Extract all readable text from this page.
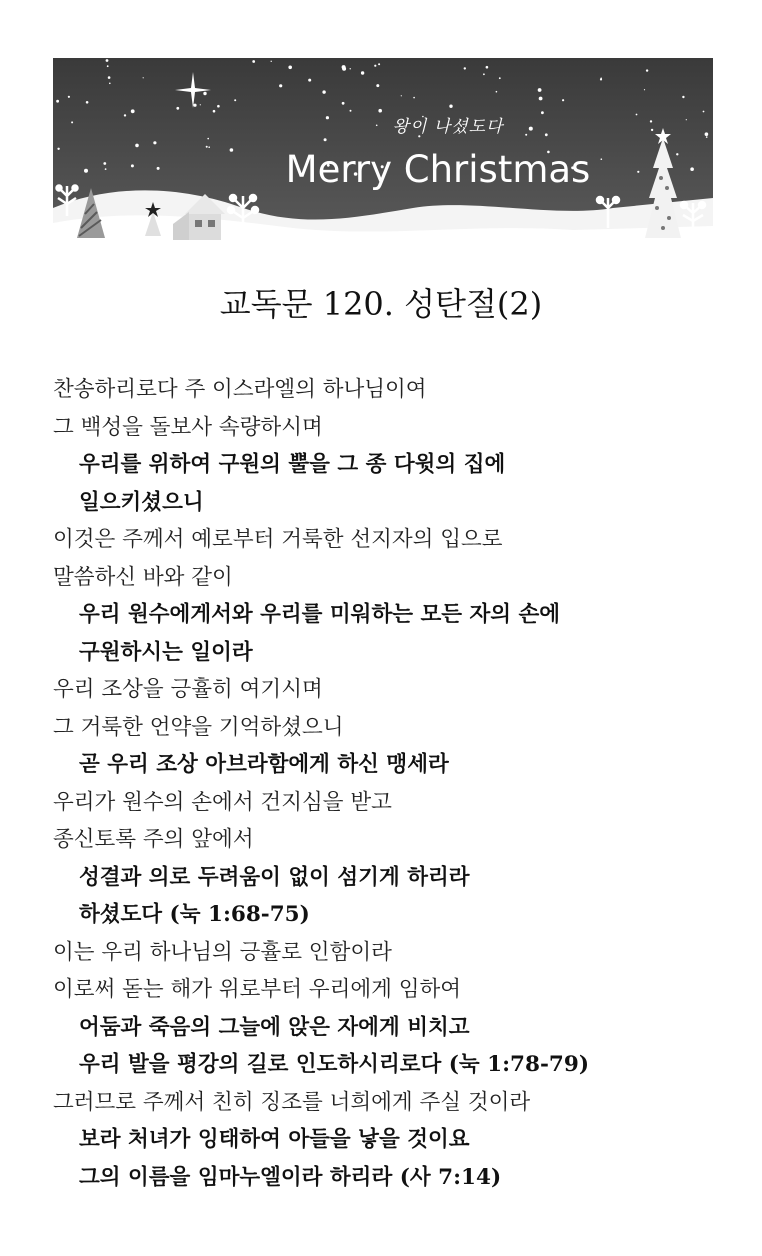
왕이 나셨도다
Merry Christmas
교독문 120. 성탄절(2)
찬송하리로다 주 이스라엘의 하나님이여
그 백성을 돌보사 속량하시며
우리를 위하여 구원의 뿔을 그 종 다윗의 집에
일으키셨으니
이것은 주께서 예로부터 거룩한 선지자의 입으로
말씀하신 바와 같이
우리 원수에게서와 우리를 미워하는 모든 자의 손에
구원하시는 일이라
우리 조상을 긍휼히 여기시며
그 거룩한 언약을 기억하셨으니
곧 우리 조상 아브라함에게 하신 맹세라
우리가 원수의 손에서 건지심을 받고
종신토록 주의 앞에서
성결과 의로 두려움이 없이 섬기게 하리라
하셨도다 (눅 1:68-75)
이는 우리 하나님의 긍휼로 인함이라
이로써 돋는 해가 위로부터 우리에게 임하여
어둠과 죽음의 그늘에 앉은 자에게 비치고
우리 발을 평강의 길로 인도하시리로다 (눅 1:78-79)
그러므로 주께서 친히 징조를 너희에게 주실 것이라
보라 처녀가 잉태하여 아들을 낳을 것이요
그의 이름을 임마누엘이라 하리라 (사 7:14)
